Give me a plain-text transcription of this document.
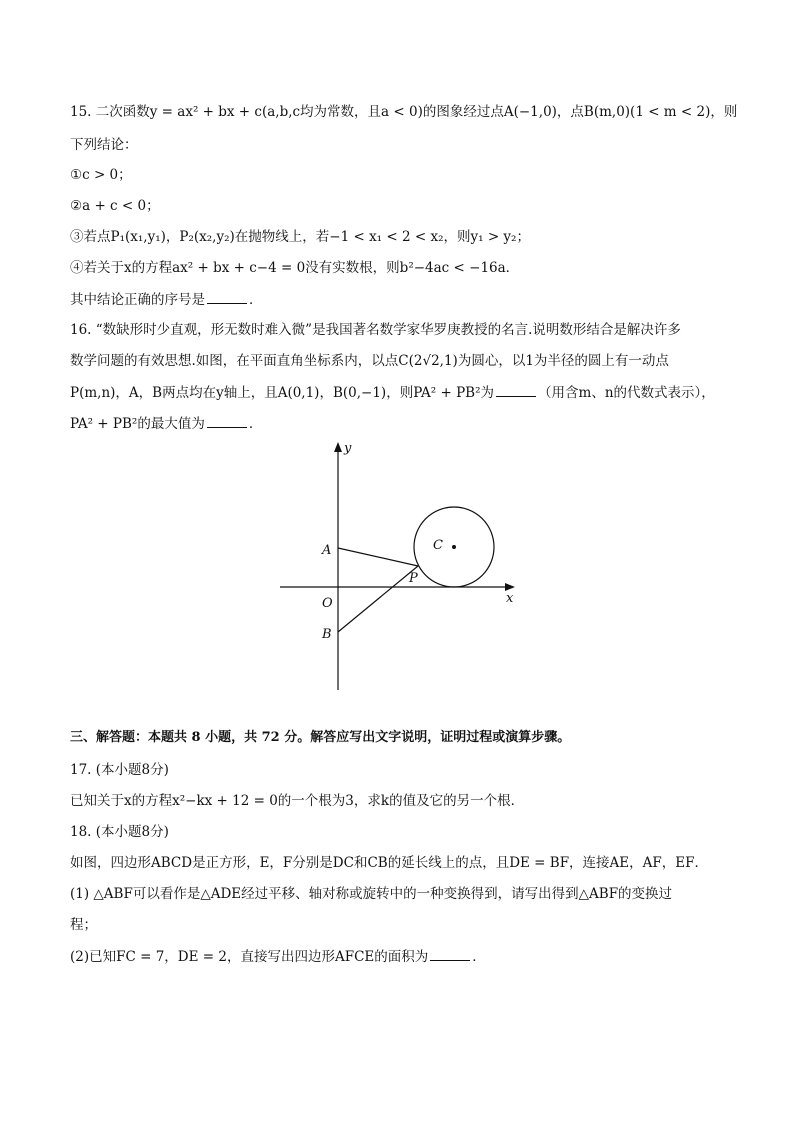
15. 二次函数y = ax² + bx + c(a,b,c均为常数，且a < 0)的图象经过点A(−1,0)，点B(m,0)(1 < m < 2)，则
下列结论：
①c > 0；
②a + c < 0；
③若点P₁(x₁,y₁)，P₂(x₂,y₂)在抛物线上，若−1 < x₁ < 2 < x₂，则y₁ > y₂；
④若关于x的方程ax² + bx + c−4 = 0没有实数根，则b²−4ac < −16a．
其中结论正确的序号是	．
16. “数缺形时少直观，形无数时难入微”是我国著名数学家华罗庚教授的名言.说明数形结合是解决许多
数学问题的有效思想.如图，在平面直角坐标系内，以点C(2√2,1)为圆心，以1为半径的圆上有一动点
P(m,n)，A，B两点均在y轴上，且A(0,1)，B(0,−1)，则PA² + PB²为	（用含m、n的代数式表示），
PA² + PB²的最大值为	．
y
x
A
O
B
P
C
三、解答题：本题共 8 小题，共 72 分。解答应写出文字说明，证明过程或演算步骤。
17. (本小题8分)
已知关于x的方程x²−kx + 12 = 0的一个根为3，求k的值及它的另一个根．
18. (本小题8分)
如图，四边形ABCD是正方形，E，F分别是DC和CB的延长线上的点，且DE = BF，连接AE，AF，EF．
(1) △ABF可以看作是△ADE经过平移、轴对称或旋转中的一种变换得到，请写出得到△ABF的变换过
程；
(2)已知FC = 7，DE = 2，直接写出四边形AFCE的面积为	．
